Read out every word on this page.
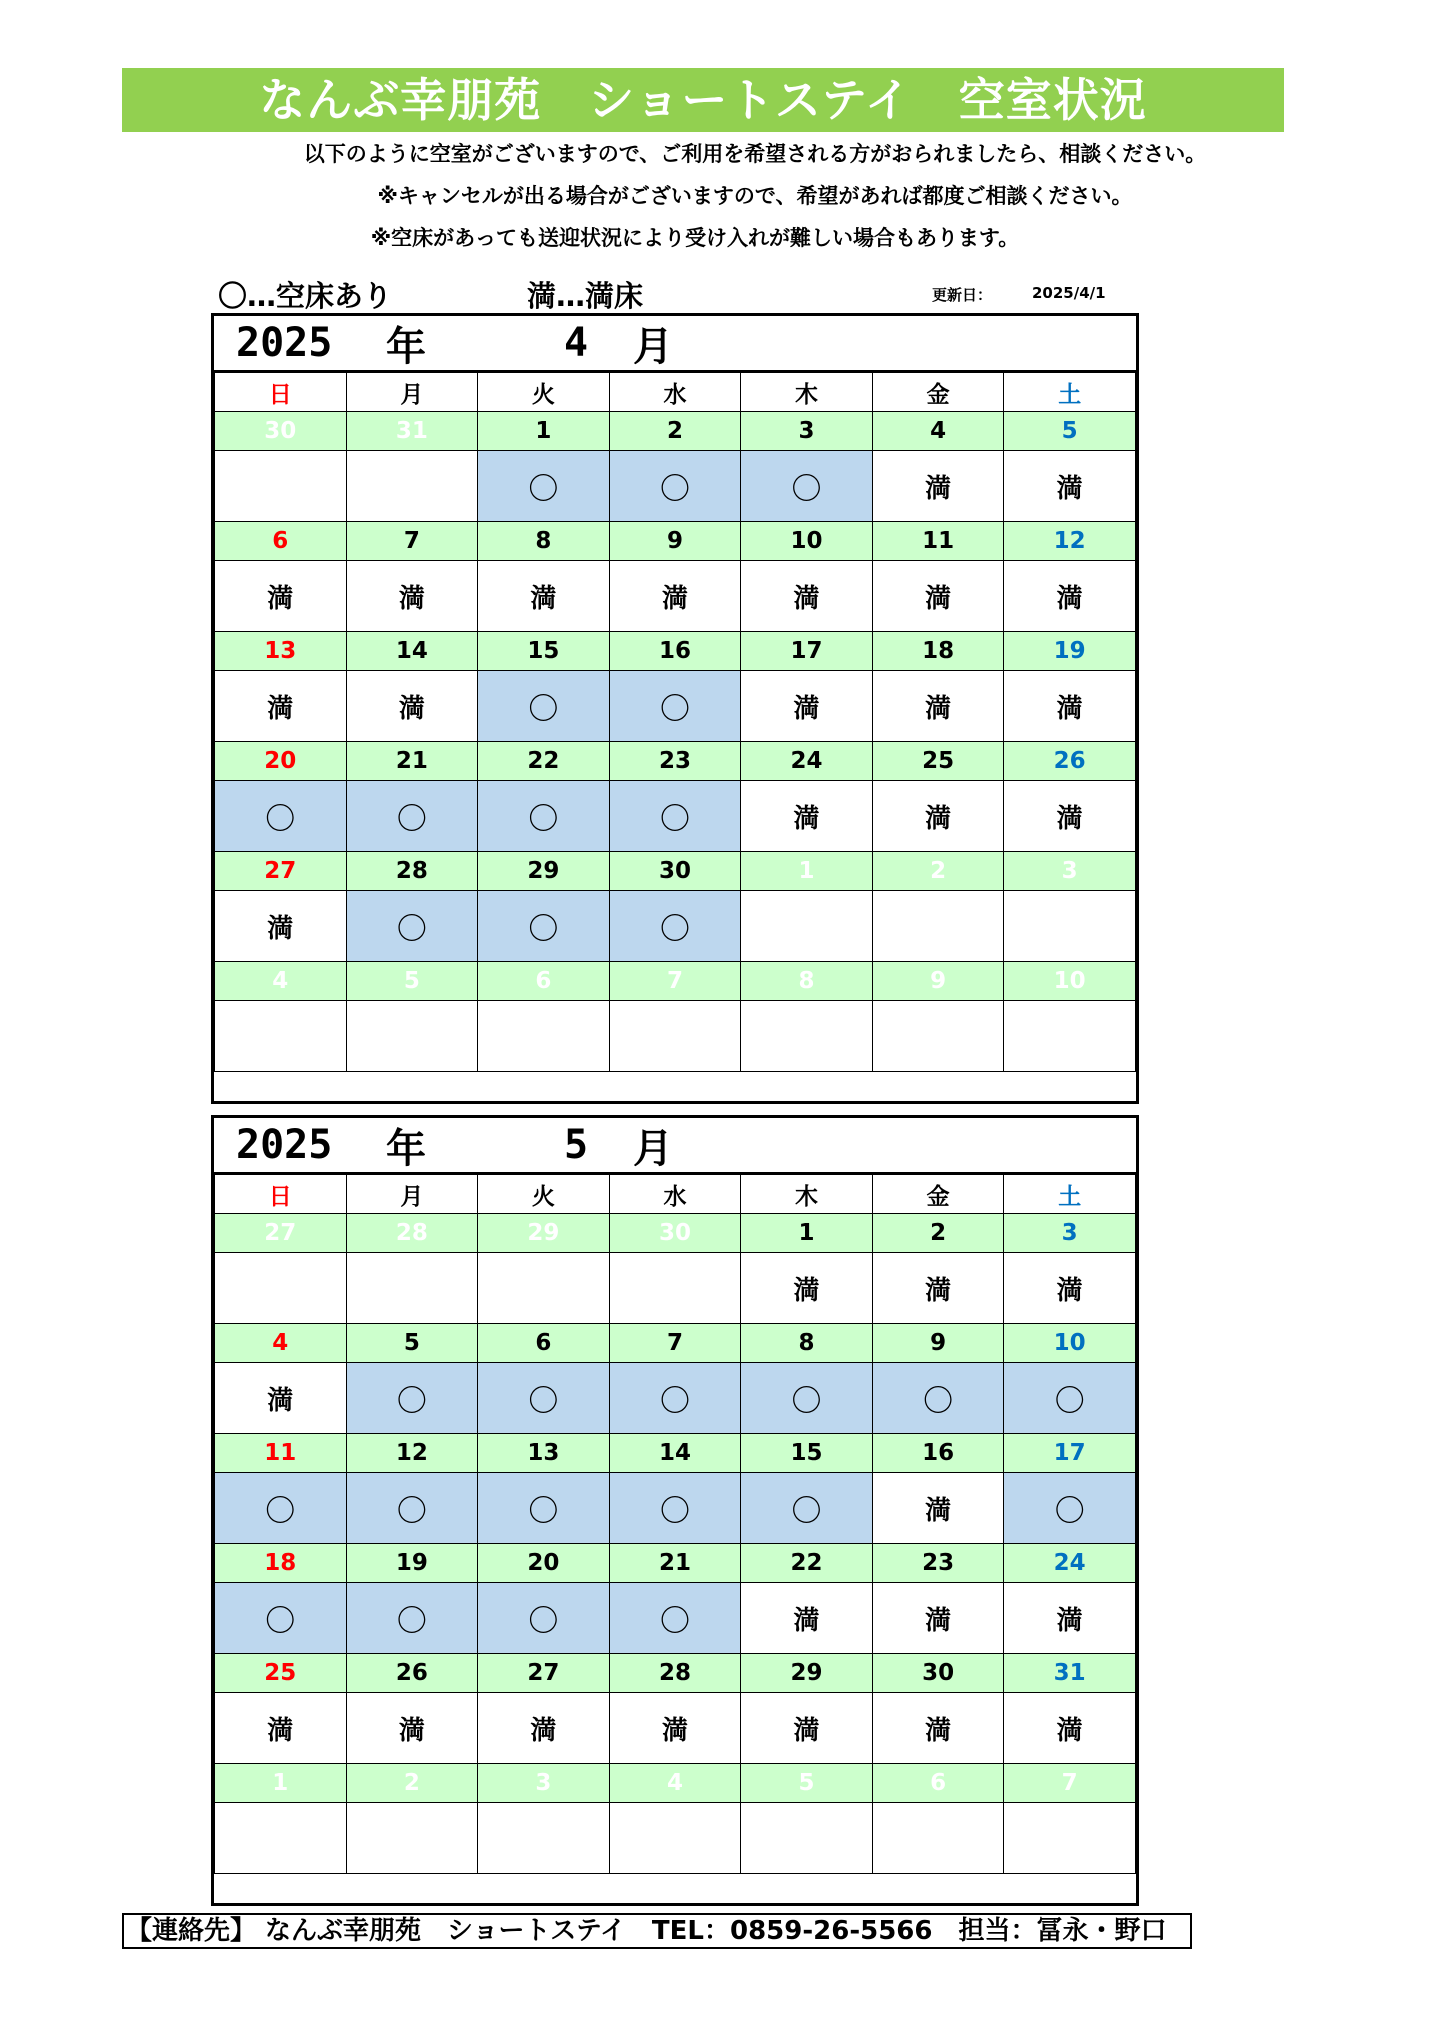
なんぶ幸朋苑　ショートステイ　空室状況
以下のように空室がございますので、ご利用を希望される方がおられましたら、相談ください。
※キャンセルが出る場合がございますので、希望があれば都度ご相談ください。
※空床があっても送迎状況により受け入れが難しい場合もあります。
〇…空床あり	満…満床	更新日：	2025/4/1
2025	年	4	月
日	月	火	水	木	金	土
30	31	1	2	3	4	5
		〇	〇	〇	満	満
6	7	8	9	10	11	12
満	満	満	満	満	満	満
13	14	15	16	17	18	19
満	満	〇	〇	満	満	満
20	21	22	23	24	25	26
〇	〇	〇	〇	満	満	満
27	28	29	30	1	2	3
満	〇	〇	〇			
4	5	6	7	8	9	10

2025	年	5	月
日	月	火	水	木	金	土
27	28	29	30	1	2	3
				満	満	満
4	5	6	7	8	9	10
満	〇	〇	〇	〇	〇	〇
11	12	13	14	15	16	17
〇	〇	〇	〇	〇	満	〇
18	19	20	21	22	23	24
〇	〇	〇	〇	満	満	満
25	26	27	28	29	30	31
満	満	満	満	満	満	満
1	2	3	4	5	6	7

【連絡先】 なんぶ幸朋苑　ショートステイ　TEL：0859-26-5566　担当：冨永・野口
